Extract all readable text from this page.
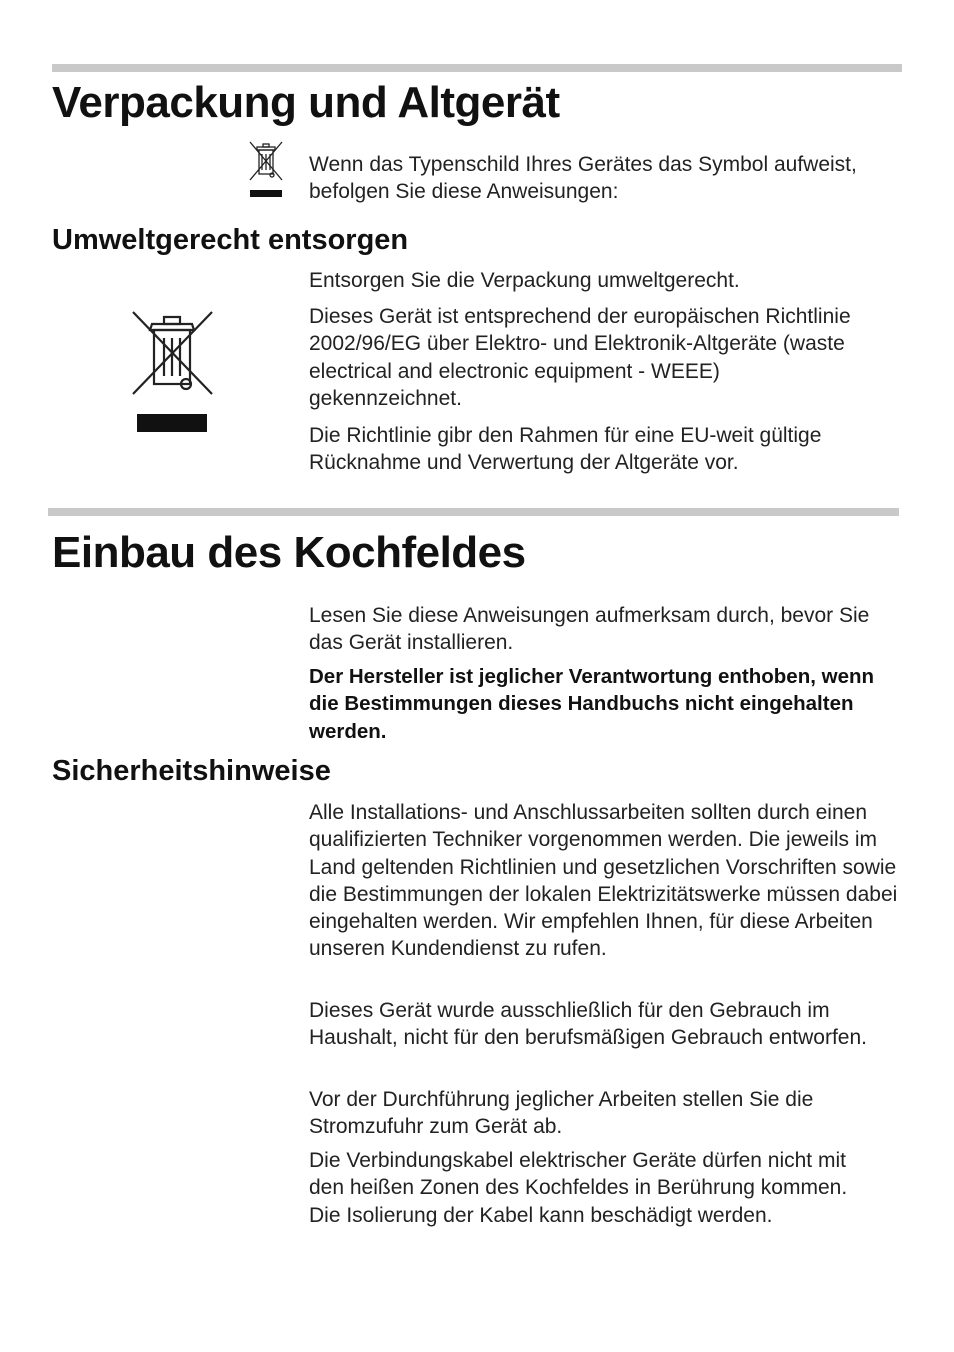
Verpackung und Altgerät

Wenn das Typenschild Ihres Gerätes das Symbol aufweist, befolgen Sie diese Anweisungen:

Umweltgerecht entsorgen

Entsorgen Sie die Verpackung umweltgerecht.

Dieses Gerät ist entsprechend der europäischen Richtlinie 2002/96/EG über Elektro- und Elektronik-Altgeräte (waste electrical and electronic equipment - WEEE) gekennzeichnet.

Die Richtlinie gibr den Rahmen für eine EU-weit gültige Rücknahme und Verwertung der Altgeräte vor.

Einbau des Kochfeldes

Lesen Sie diese Anweisungen aufmerksam durch, bevor Sie das Gerät installieren.

Der Hersteller ist jeglicher Verantwortung enthoben, wenn die Bestimmungen dieses Handbuchs nicht eingehalten werden.

Sicherheitshinweise

Alle Installations- und Anschlussarbeiten sollten durch einen qualifizierten Techniker vorgenommen werden. Die jeweils im Land geltenden Richtlinien und gesetzlichen Vorschriften sowie die Bestimmungen der lokalen Elektrizitätswerke müssen dabei eingehalten werden. Wir empfehlen Ihnen, für diese Arbeiten unseren Kundendienst zu rufen.

Dieses Gerät wurde ausschließlich für den Gebrauch im Haushalt, nicht für den berufsmäßigen Gebrauch entworfen.

Vor der Durchführung jeglicher Arbeiten stellen Sie die Stromzufuhr zum Gerät ab.

Die Verbindungskabel elektrischer Geräte dürfen nicht mit den heißen Zonen des Kochfeldes in Berührung kommen. Die Isolierung der Kabel kann beschädigt werden.
